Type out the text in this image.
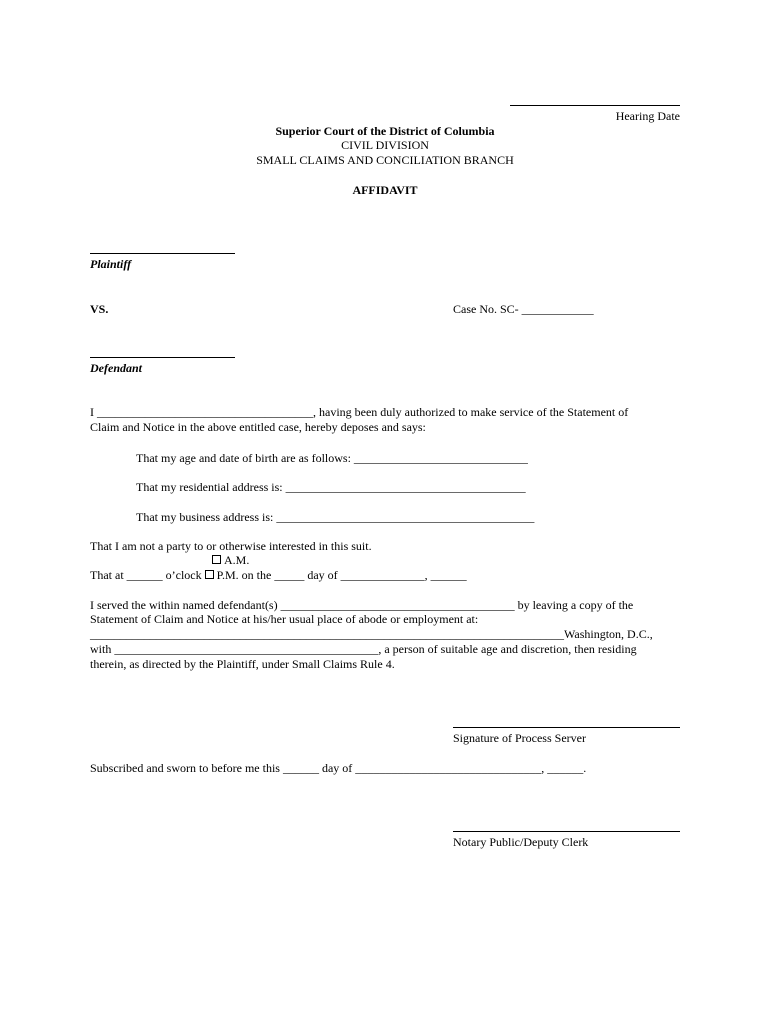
Hearing Date
Superior Court of the District of Columbia
CIVIL DIVISION
SMALL CLAIMS AND CONCILIATION BRANCH
AFFIDAVIT
Plaintiff
VS.	Case No. SC- ____________
Defendant
I ____________________________________, having been duly authorized to make service of the Statement of
Claim and Notice in the above entitled case, hereby deposes and says:
That my age and date of birth are as follows: _____________________________
That my residential address is: ________________________________________
That my business address is: ___________________________________________
That I am not a party to or otherwise interested in this suit.
A.M.
That at ______ o’clock P.M. on the _____ day of ______________, ______
I served the within named defendant(s) _______________________________________ by leaving a copy of the
Statement of Claim and Notice at his/her usual place of abode or employment at:
_______________________________________________________________________________Washington, D.C.,
with ____________________________________________, a person of suitable age and discretion, then residing
therein, as directed by the Plaintiff, under Small Claims Rule 4.
Signature of Process Server
Subscribed and sworn to before me this ______ day of _______________________________, ______.
Notary Public/Deputy Clerk
